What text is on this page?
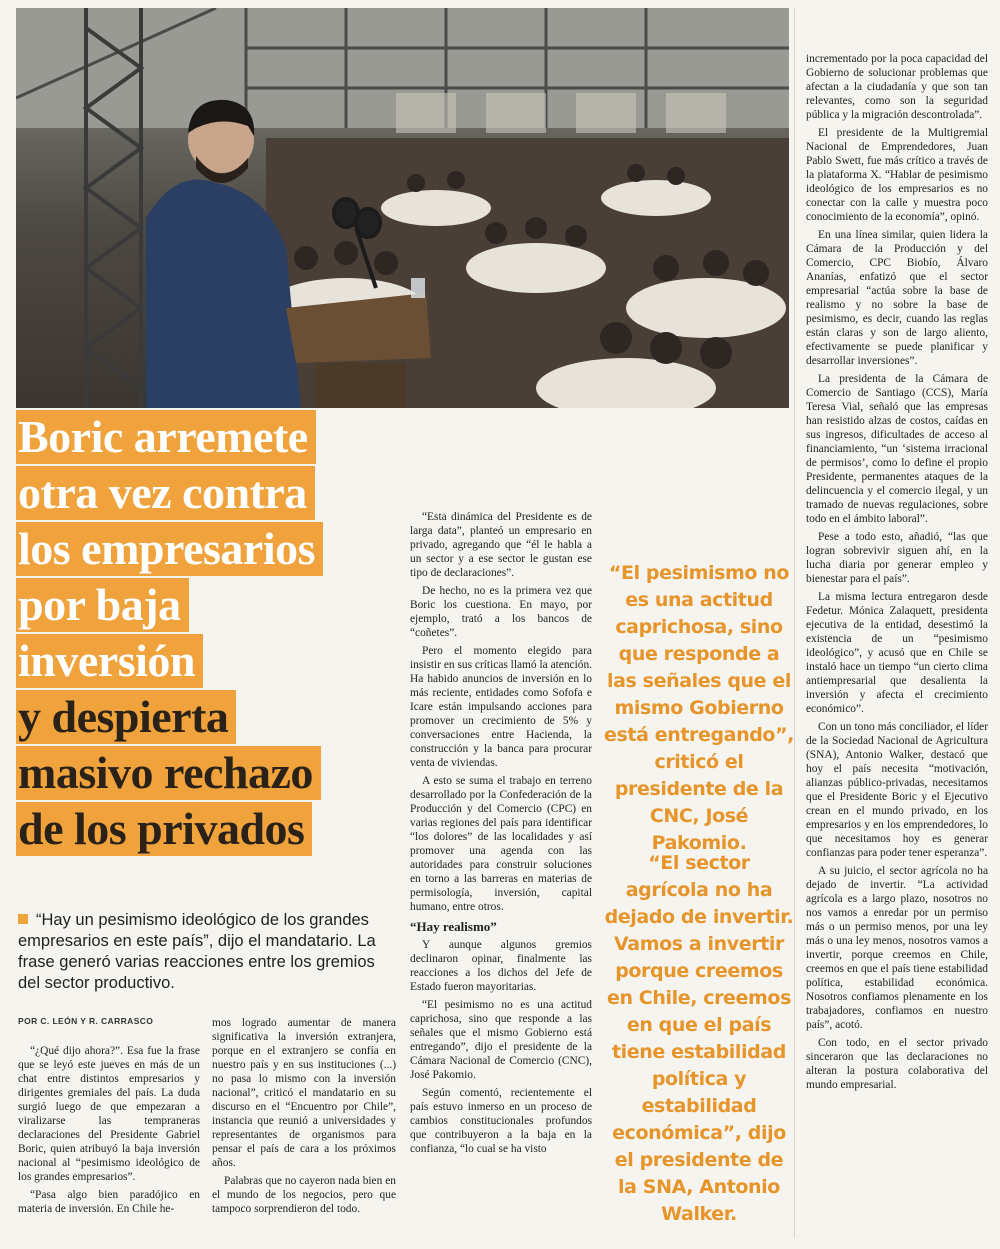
Boric arremete
otra vez contra
los empresarios
por baja
inversión
y despierta
masivo rechazo
de los privados
“Hay un pesimismo ideológico de los grandes empresarios en este país”, dijo el mandatario. La frase generó varias reacciones entre los gremios del sector productivo.
POR C. LEÓN Y R. CARRASCO

“¿Qué dijo ahora?”. Esa fue la frase que se leyó este jueves en más de un chat entre distintos empresarios y dirigentes gremiales del país. La duda surgió luego de que empezaran a viralizarse las tempraneras declaraciones del Presidente Gabriel Boric, quien atribuyó la baja inversión nacional al “pesimismo ideológico de los grandes empresarios”.

“Pasa algo bien paradójico en materia de inversión. En Chile he-

mos logrado aumentar de manera significativa la inversión extranjera, porque en el extranjero se confía en nuestro país y en sus instituciones (...) no pasa lo mismo con la inversión nacional”, criticó el mandatario en su discurso en el “Encuentro por Chile”, instancia que reunió a universidades y representantes de organismos para pensar el país de cara a los próximos años.

Palabras que no cayeron nada bien en el mundo de los negocios, pero que tampoco sorprendieron del todo.

“Esta dinámica del Presidente es de larga data”, planteó un empresario en privado, agregando que “él le habla a un sector y a ese sector le gustan ese tipo de declaraciones”.

De hecho, no es la primera vez que Boric los cuestiona. En mayo, por ejemplo, trató a los bancos de “coñetes”.

Pero el momento elegido para insistir en sus críticas llamó la atención. Ha habido anuncios de inversión en lo más reciente, entidades como Sofofa e Icare están impulsando acciones para promover un crecimiento de 5% y conversaciones entre Hacienda, la construcción y la banca para procurar venta de viviendas.

A esto se suma el trabajo en terreno desarrollado por la Confederación de la Producción y del Comercio (CPC) en varias regiones del país para identificar “los dolores” de las localidades y así promover una agenda con las autoridades para construir soluciones en torno a las barreras en materias de permisología, inversión, capital humano, entre otros.

“Hay realismo”

Y aunque algunos gremios declinaron opinar, finalmente las reacciones a los dichos del Jefe de Estado fueron mayoritarias.

“El pesimismo no es una actitud caprichosa, sino que responde a las señales que el mismo Gobierno está entregando”, dijo el presidente de la Cámara Nacional de Comercio (CNC), José Pakomio.

Según comentó, recientemente el país estuvo inmerso en un proceso de cambios constitucionales profundos que contribuyeron a la baja en la confianza, “lo cual se ha visto

“El pesimismo no es una actitud caprichosa, sino que responde a las señales que el mismo Gobierno está entregando”, criticó el presidente de la CNC, José Pakomio.
“El sector agrícola no ha dejado de invertir. Vamos a invertir porque creemos en Chile, creemos en que el país tiene estabilidad política y estabilidad económica”, dijo el presidente de la SNA, Antonio Walker.

incrementado por la poca capacidad del Gobierno de solucionar problemas que afectan a la ciudadanía y que son tan relevantes, como son la seguridad pública y la migración descontrolada”.

El presidente de la Multigremial Nacional de Emprendedores, Juan Pablo Swett, fue más crítico a través de la plataforma X. “Hablar de pesimismo ideológico de los empresarios es no conectar con la calle y muestra poco conocimiento de la economía”, opinó.

En una línea similar, quien lidera la Cámara de la Producción y del Comercio, CPC Biobío, Álvaro Ananías, enfatizó que el sector empresarial “actúa sobre la base de realismo y no sobre la base de pesimismo, es decir, cuando las reglas están claras y son de largo aliento, efectivamente se puede planificar y desarrollar inversiones”.

La presidenta de la Cámara de Comercio de Santiago (CCS), María Teresa Vial, señaló que las empresas han resistido alzas de costos, caídas en sus ingresos, dificultades de acceso al financiamiento, “un ‘sistema irracional de permisos’, como lo define el propio Presidente, permanentes ataques de la delincuencia y el comercio ilegal, y un tramado de nuevas regulaciones, sobre todo en el ámbito laboral”.

Pese a todo esto, añadió, “las que logran sobrevivir siguen ahí, en la lucha diaria por generar empleo y bienestar para el país”.

La misma lectura entregaron desde Fedetur. Mónica Zalaquett, presidenta ejecutiva de la entidad, desestimó la existencia de un “pesimismo ideológico”, y acusó que en Chile se instaló hace un tiempo “un cierto clima antiempresarial que desalienta la inversión y afecta el crecimiento económico”.

Con un tono más conciliador, el líder de la Sociedad Nacional de Agricultura (SNA), Antonio Walker, destacó que hoy el país necesita “motivación, alianzas público-privadas, necesitamos que el Presidente Boric y el Ejecutivo crean en el mundo privado, en los empresarios y en los emprendedores, lo que necesitamos hoy es generar confianzas para poder tener esperanza”.

A su juicio, el sector agrícola no ha dejado de invertir. “La actividad agrícola es a largo plazo, nosotros no nos vamos a enredar por un permiso más o un permiso menos, por una ley más o una ley menos, nosotros vamos a invertir, porque creemos en Chile, creemos en que el país tiene estabilidad política, estabilidad económica. Nosotros confiamos plenamente en los trabajadores, confiamos en nuestro país”, acotó.

Con todo, en el sector privado sinceraron que las declaraciones no alteran la postura colaborativa del mundo empresarial.
